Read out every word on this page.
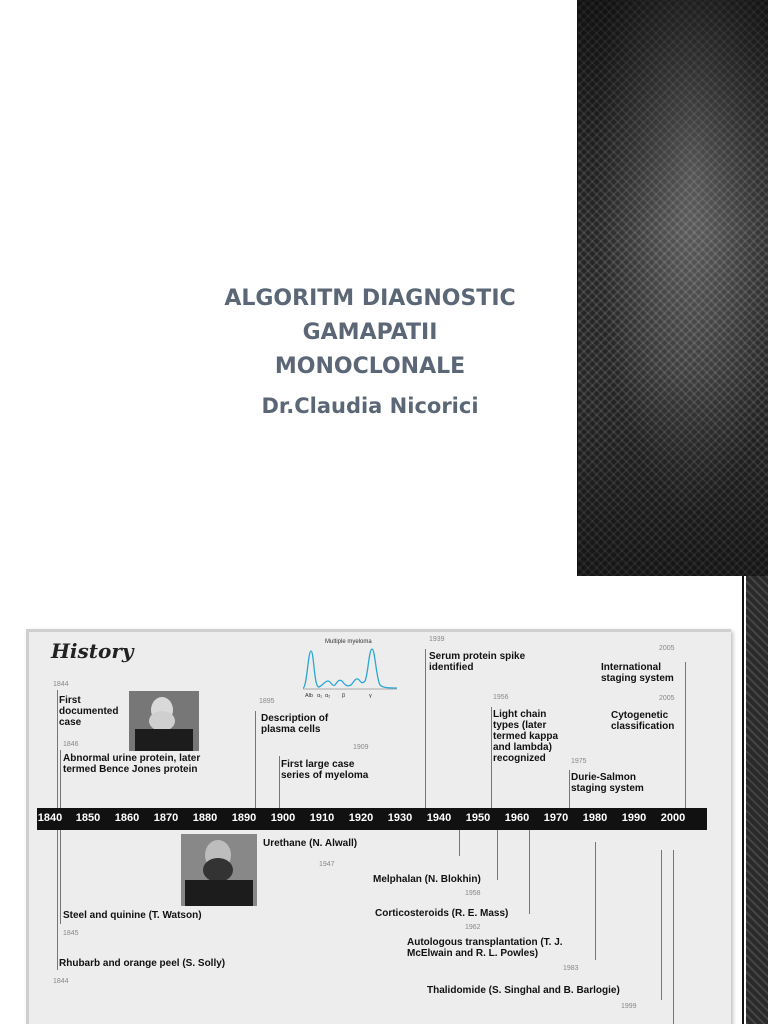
ALGORITM DIAGNOSTIC
GAMAPATII
MONOCLONALE
Dr.Claudia Nicorici
History	Multiple myeloma
Alb α₁ α₂ β	γ
1840	1850	1860	1870	1880	1890	1900	1910	1920	1930	1940	1950	1960	1970	1980	1990	2000
1844
First documented case
1846
Abnormal urine protein, later termed Bence Jones protein
1895
Description of plasma cells
1909
First large case series of myeloma
1939
Serum protein spike identified
1956
Light chain types (later termed kappa and lambda) recognized	1975
Durie-Salmon staging system
2005
International staging system
2005
Cytogenetic classification
Urethane (N. Alwall)
1947
Melphalan (N. Blokhin)
1958
Corticosteroids (R. E. Mass)
1962
Autologous transplantation (T. J. McElwain and R. L. Powles)
1983
Thalidomide (S. Singhal and B. Barlogie)
1999
Steel and quinine (T. Watson)
1845
Rhubarb and orange peel (S. Solly)
1844
